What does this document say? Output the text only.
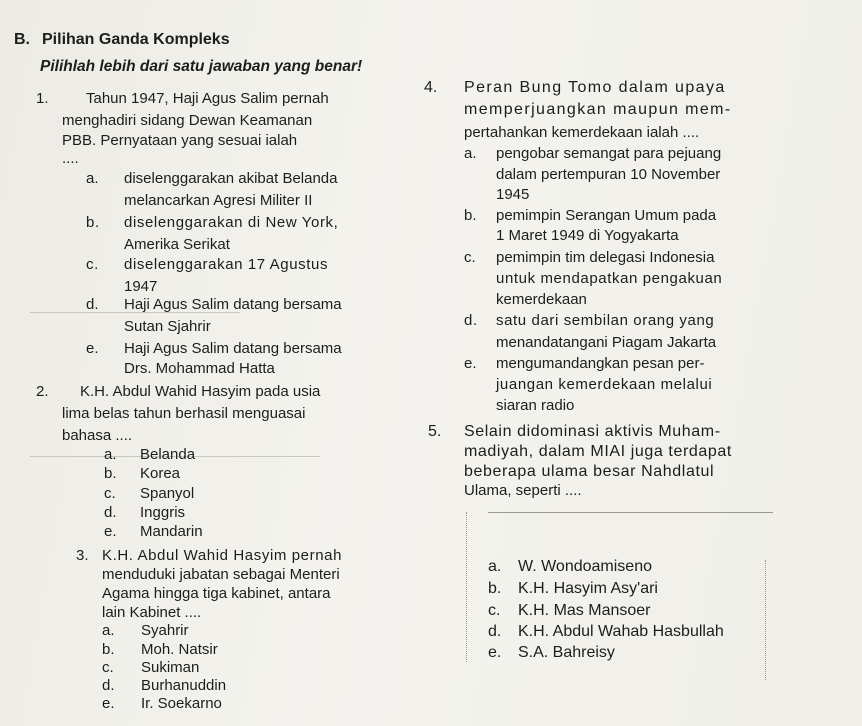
B. Pilihan Ganda Kompleks
Pilihlah lebih dari satu jawaban yang benar!
1. Tahun 1947, Haji Agus Salim pernah
menghadiri sidang Dewan Keamanan
PBB. Pernyataan yang sesuai ialah
....
a. diselenggarakan akibat Belanda
melancarkan Agresi Militer II
b. diselenggarakan di New York,
Amerika Serikat
c. diselenggarakan 17 Agustus
1947
d. Haji Agus Salim datang bersama
Sutan Sjahrir
e. Haji Agus Salim datang bersama
Drs. Mohammad Hatta
2. K.H. Abdul Wahid Hasyim pada usia
lima belas tahun berhasil menguasai
bahasa ....
a. Belanda
b. Korea
c. Spanyol
d. Inggris
e. Mandarin
3. K.H. Abdul Wahid Hasyim pernah
menduduki jabatan sebagai Menteri
Agama hingga tiga kabinet, antara
lain Kabinet ....
a. Syahrir
b. Moh. Natsir
c. Sukiman
d. Burhanuddin
e. Ir. Soekarno
4. Peran Bung Tomo dalam upaya
memperjuangkan maupun mem-
pertahankan kemerdekaan ialah ....
a. pengobar semangat para pejuang
dalam pertempuran 10 November
1945
b. pemimpin Serangan Umum pada
1 Maret 1949 di Yogyakarta
c. pemimpin tim delegasi Indonesia
untuk mendapatkan pengakuan
kemerdekaan
d. satu dari sembilan orang yang
menandatangani Piagam Jakarta
e. mengumandangkan pesan per-
juangan kemerdekaan melalui
siaran radio
5. Selain didominasi aktivis Muham-
madiyah, dalam MIAI juga terdapat
beberapa ulama besar Nahdlatul
Ulama, seperti ....
a. W. Wondoamiseno
b. K.H. Hasyim Asy'ari
c. K.H. Mas Mansoer
d. K.H. Abdul Wahab Hasbullah
e. S.A. Bahreisy
